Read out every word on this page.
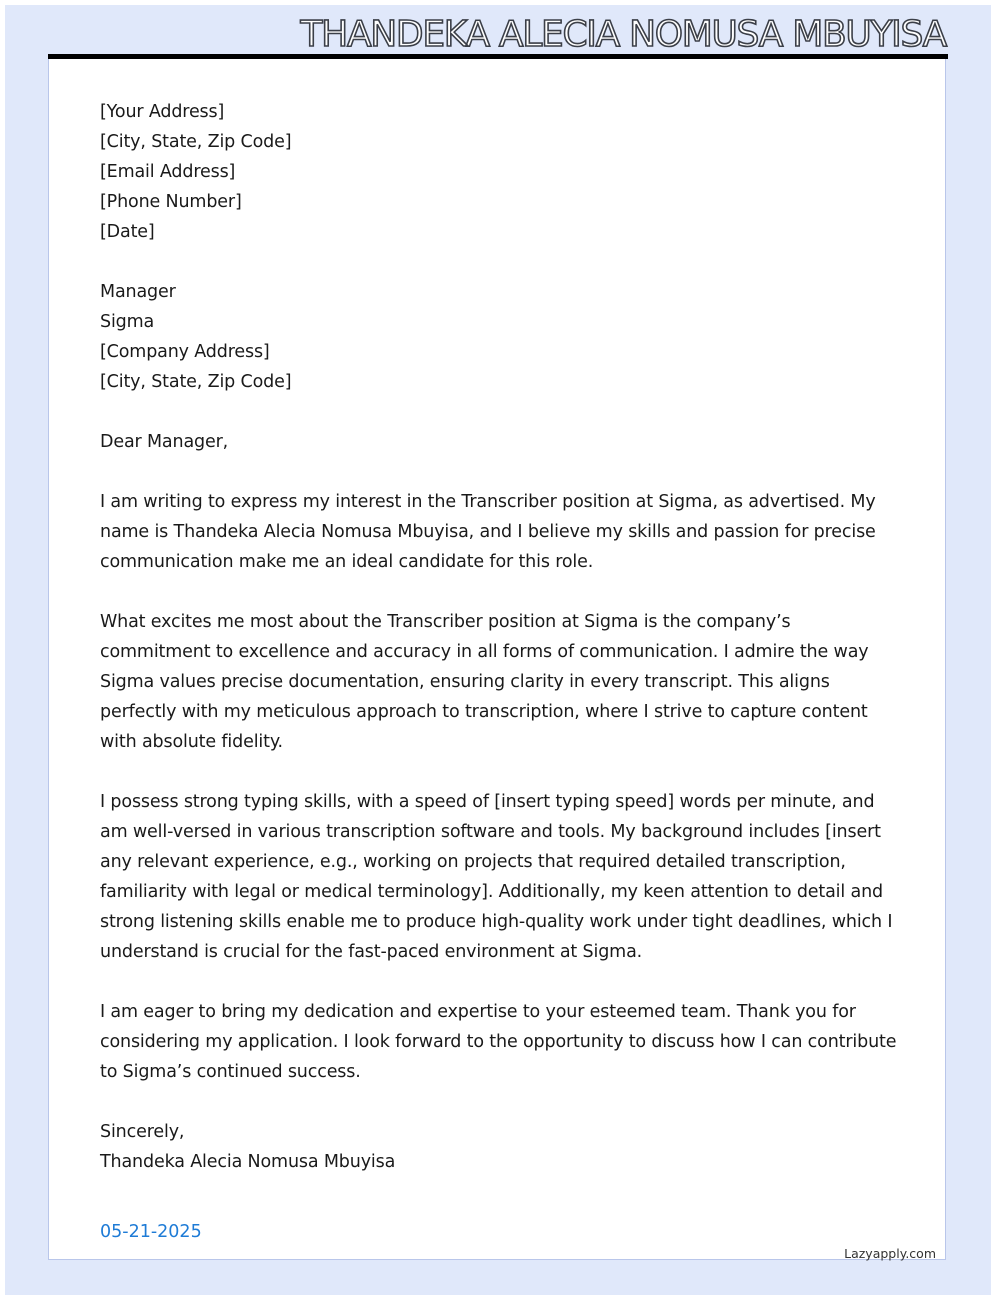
THANDEKA ALECIA NOMUSA MBUYISA
[Your Address]
[City, State, Zip Code]
[Email Address]
[Phone Number]
[Date]
Manager
Sigma
[Company Address]
[City, State, Zip Code]
Dear Manager,

I am writing to express my interest in the Transcriber position at Sigma, as advertised. My name is Thandeka Alecia Nomusa Mbuyisa, and I believe my skills and passion for precise communication make me an ideal candidate for this role.

What excites me most about the Transcriber position at Sigma is the company’s commitment to excellence and accuracy in all forms of communication. I admire the way Sigma values precise documentation, ensuring clarity in every transcript. This aligns perfectly with my meticulous approach to transcription, where I strive to capture content with absolute fidelity.

I possess strong typing skills, with a speed of [insert typing speed] words per minute, and am well-versed in various transcription software and tools. My background includes [insert any relevant experience, e.g., working on projects that required detailed transcription, familiarity with legal or medical terminology]. Additionally, my keen attention to detail and strong listening skills enable me to produce high-quality work under tight deadlines, which I understand is crucial for the fast-paced environment at Sigma.

I am eager to bring my dedication and expertise to your esteemed team. Thank you for considering my application. I look forward to the opportunity to discuss how I can contribute to Sigma’s continued success.

Sincerely,
Thandeka Alecia Nomusa Mbuyisa
05-21-2025
Lazyapply.com
